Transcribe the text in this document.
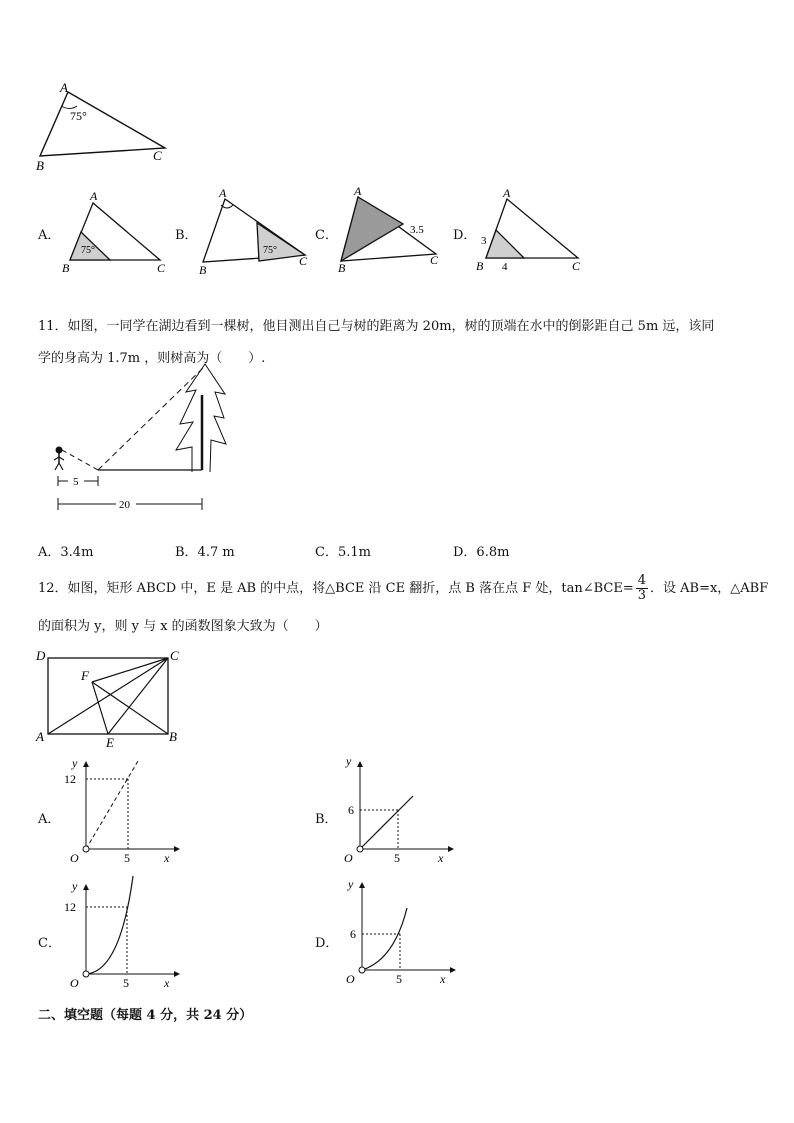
A
75°
B
C
A．
A
75°
B	C
B．
A
75°
B
C
C．
A
3.5
B
C
D．
A
3
4
B	C
11．如图，一同学在湖边看到一棵树，他目测出自己与树的距离为 20m，树的顶端在水中的倒影距自己 5m 远，该同
学的身高为 1.7m ，则树高为（　　）.
5
20
A．3.4m	B．4.7 m	C．5.1m	D．6.8m
12．如图，矩形 ABCD 中，E 是 AB 的中点，将△BCE 沿 CE 翻折，点 B 落在点 F 处，tan∠BCE= $\frac{4}{3}$ ．设 AB=x，△ABF
的面积为 y，则 y 与 x 的函数图象大致为（　　）
D	C
F
A	E	B
A．
y
12
O	5	x
B．
y
6
O	5	x
C．
y
12
O	5	x
D．
y
6
O	5	x
二、填空题（每题 4 分，共 24 分）
